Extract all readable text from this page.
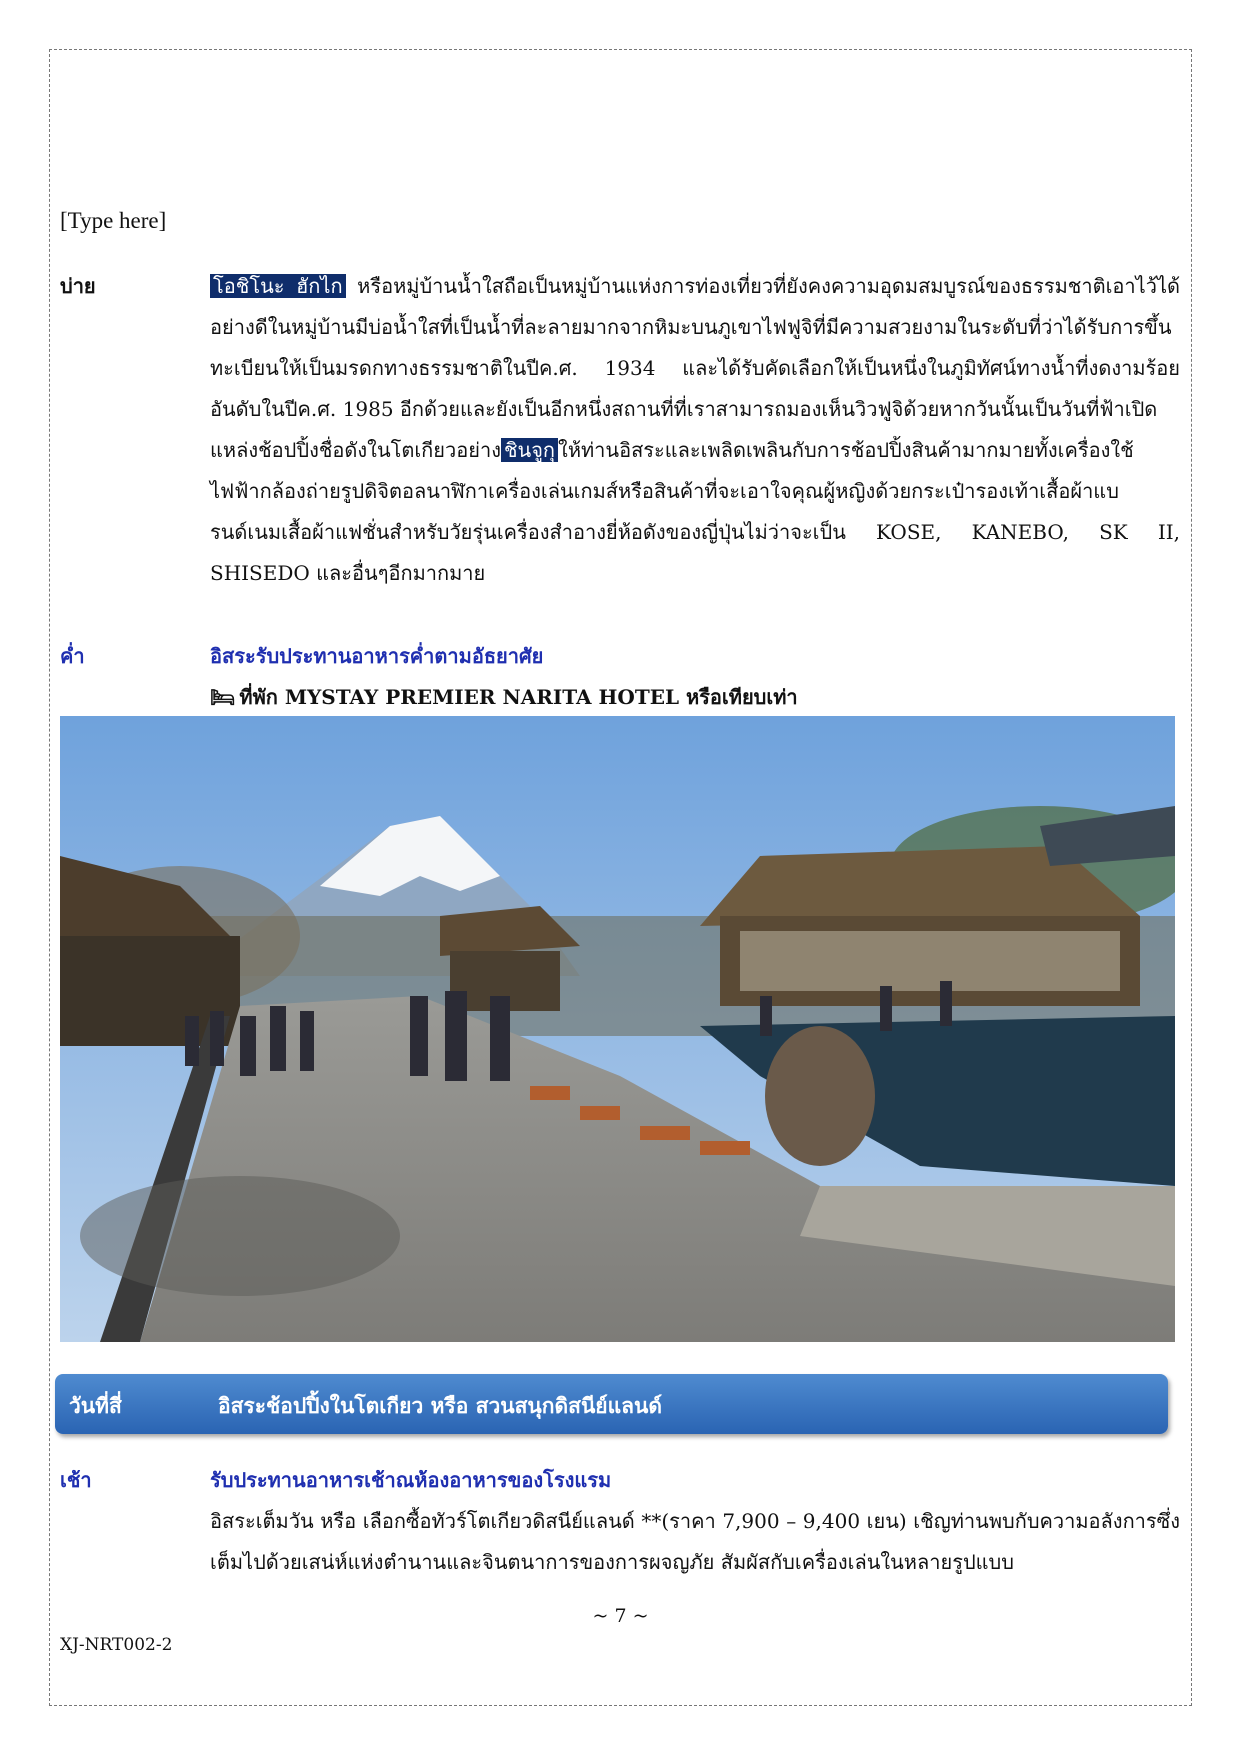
[Type here]
บ่าย	โอชิโนะ ฮักไก หรือหมู่บ้านน้ำใสถือเป็นหมู่บ้านแห่งการท่องเที่ยวที่ยังคงความอุดมสมบูรณ์ของธรรมชาติเอาไว้ได้อย่างดีในหมู่บ้านมีบ่อน้ำใสที่เป็นน้ำที่ละลายมากจากหิมะบนภูเขาไฟฟูจิที่มีความสวยงามในระดับที่ว่าได้รับการขึ้นทะเบียนให้เป็นมรดกทางธรรมชาติในปีค.ศ. 1934 และได้รับคัดเลือกให้เป็นหนึ่งในภูมิทัศน์ทางน้ำที่งดงามร้อยอันดับในปีค.ศ. 1985 อีกด้วยและยังเป็นอีกหนึ่งสถานที่ที่เราสามารถมองเห็นวิวฟูจิด้วยหากวันนั้นเป็นวันที่ฟ้าเปิด
แหล่งช้อปปิ้งชื่อดังในโตเกียวอย่าง ชินจูกุ ให้ท่านอิสระและเพลิดเพลินกับการช้อปปิ้งสินค้ามากมายทั้งเครื่องใช้ไฟฟ้ากล้องถ่ายรูปดิจิตอลนาฬิกาเครื่องเล่นเกมส์หรือสินค้าที่จะเอาใจคุณผู้หญิงด้วยกระเป๋ารองเท้าเสื้อผ้าแบรนด์เนมเสื้อผ้าแฟชั่นสำหรับวัยรุ่นเครื่องสำอางยี่ห้อดังของญี่ปุ่นไม่ว่าจะเป็น KOSE, KANEBO, SK II, SHISEDO และอื่นๆอีกมากมาย
ค่ำ	อิสระรับประทานอาหารค่ำตามอัธยาศัย
🛏 ที่พัก MYSTAY PREMIER NARITA HOTEL หรือเทียบเท่า
วันที่สี่	อิสระช้อปปิ้งในโตเกียว หรือ สวนสนุกดิสนีย์แลนด์
เช้า	รับประทานอาหารเช้าณห้องอาหารของโรงแรม
อิสระเต็มวัน หรือ เลือกซื้อทัวร์โตเกียวดิสนีย์แลนด์ **(ราคา 7,900 – 9,400 เยน) เชิญท่านพบกับความอลังการซึ่งเต็มไปด้วยเสน่ห์แห่งตำนานและจินตนาการของการผจญภัย สัมผัสกับเครื่องเล่นในหลายรูปแบบ
~ 7 ~
XJ-NRT002-2
